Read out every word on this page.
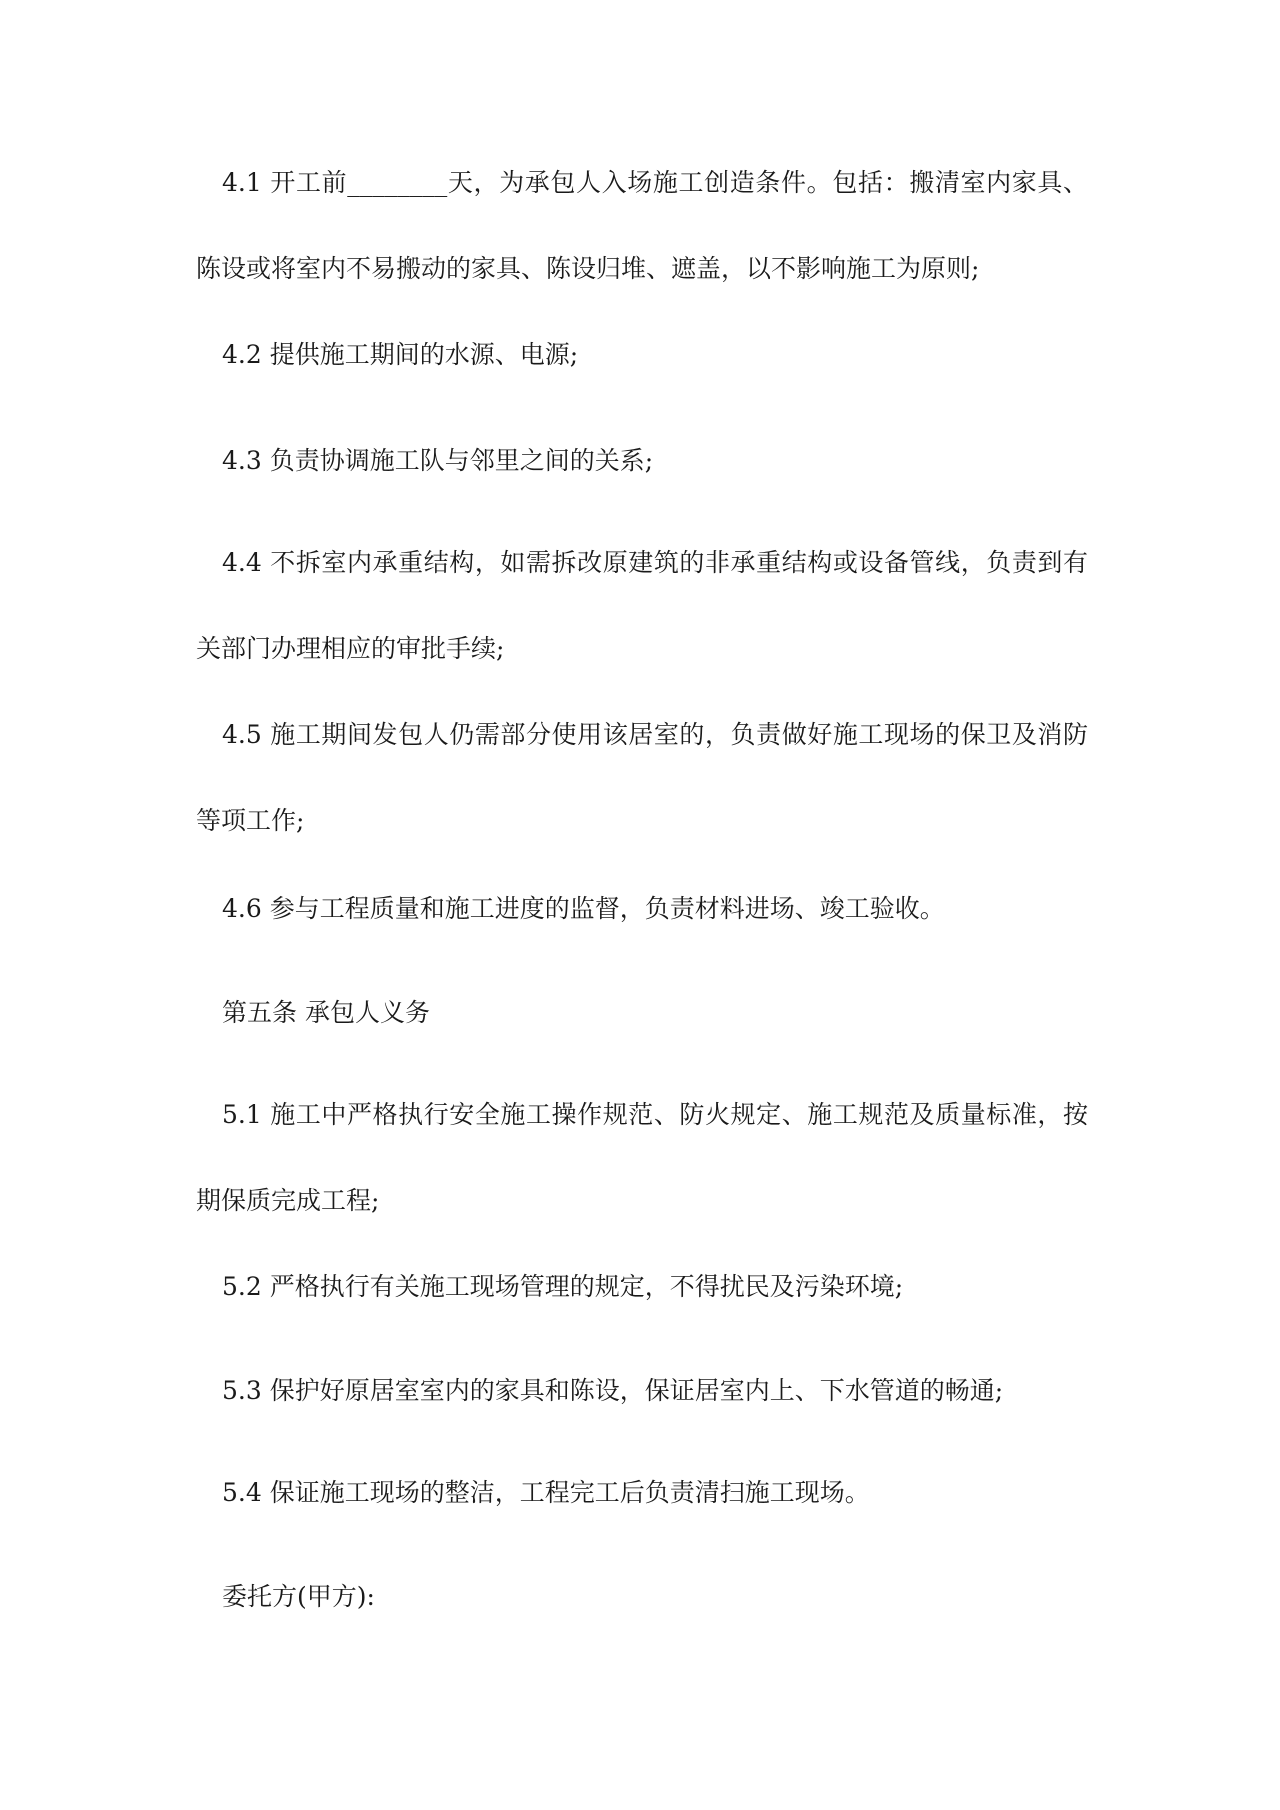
4.1 开工前________天，为承包人入场施工创造条件。包括：搬清室内家具、陈设或将室内不易搬动的家具、陈设归堆、遮盖，以不影响施工为原则;

4.2 提供施工期间的水源、电源;

4.3 负责协调施工队与邻里之间的关系;

4.4 不拆室内承重结构，如需拆改原建筑的非承重结构或设备管线，负责到有关部门办理相应的审批手续;

4.5 施工期间发包人仍需部分使用该居室的，负责做好施工现场的保卫及消防等项工作;

4.6 参与工程质量和施工进度的监督，负责材料进场、竣工验收。

第五条 承包人义务

5.1 施工中严格执行安全施工操作规范、防火规定、施工规范及质量标准，按期保质完成工程;

5.2 严格执行有关施工现场管理的规定，不得扰民及污染环境;

5.3 保护好原居室室内的家具和陈设，保证居室内上、下水管道的畅通;

5.4 保证施工现场的整洁，工程完工后负责清扫施工现场。

委托方(甲方):
